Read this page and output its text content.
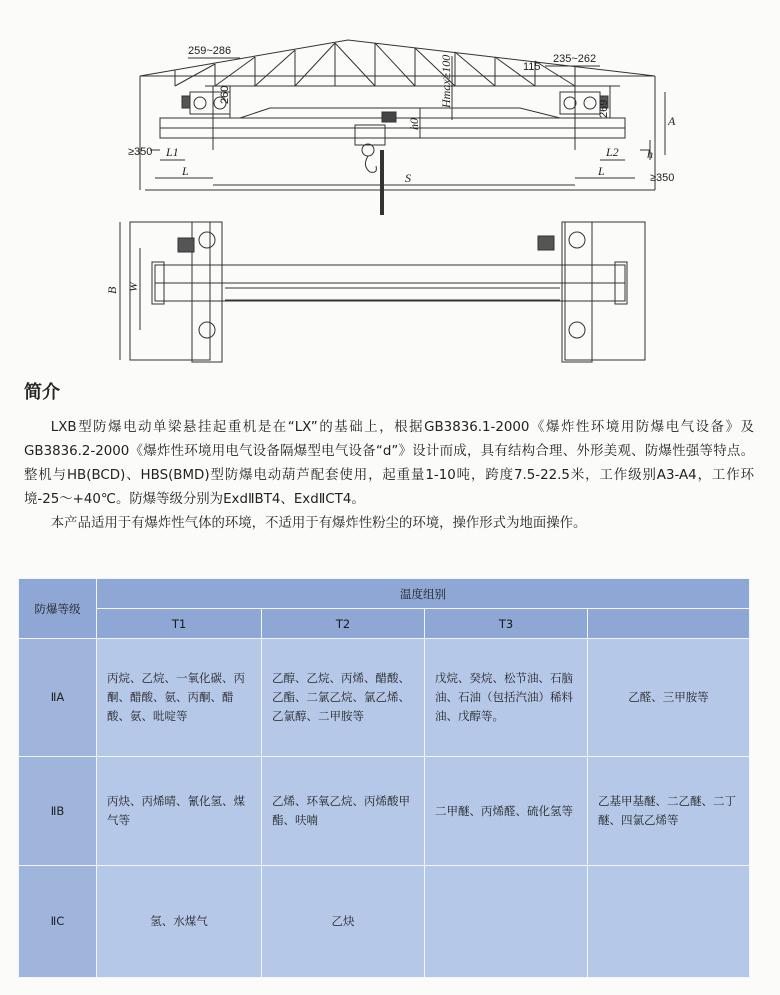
259~286
235~262
115
260
269
Hmax≥100
h0
h
A
≥350
≥350
L1	L2
L	S	L
B W
简介

LXB型防爆电动单梁悬挂起重机是在“LX”的基础上，根据GB3836.1-2000《爆炸性环境用防爆电气设备》及GB3836.2-2000《爆炸性环境用电气设备隔爆型电气设备“d”》设计而成，具有结构合理、外形美观、防爆性强等特点。整机与HB(BCD)、HBS(BMD)型防爆电动葫芦配套使用，起重量1-10吨，跨度7.5-22.5米，工作级别A3-A4，工作环境-25～+40℃。防爆等级分别为ExdⅡBT4、ExdⅡCT4。

本产品适用于有爆炸性气体的环境，不适用于有爆炸性粉尘的环境，操作形式为地面操作。

防爆等级	温度组别			
	T1	T2	T3	
ⅡA	丙烷、乙烷、一氧化碳、丙酮、醋酸、氨、丙酮、醋酸、氨、吡啶等	乙醇、乙烷、丙烯、醋酸、乙酯、二氯乙烷、氯乙烯、乙氯醇、二甲胺等	戊烷、癸烷、松节油、石脑油、石油（包括汽油）稀料油、戊醇等。	乙醛、三甲胺等
ⅡB	丙炔、丙烯晴、氰化氢、煤气等	乙烯、环氧乙烷、丙烯酸甲酯、呋喃	二甲醚、丙烯醛、硫化氢等	乙基甲基醚、二乙醚、二丁醚、四氯乙烯等
ⅡC	氢、水煤气	乙炔		
